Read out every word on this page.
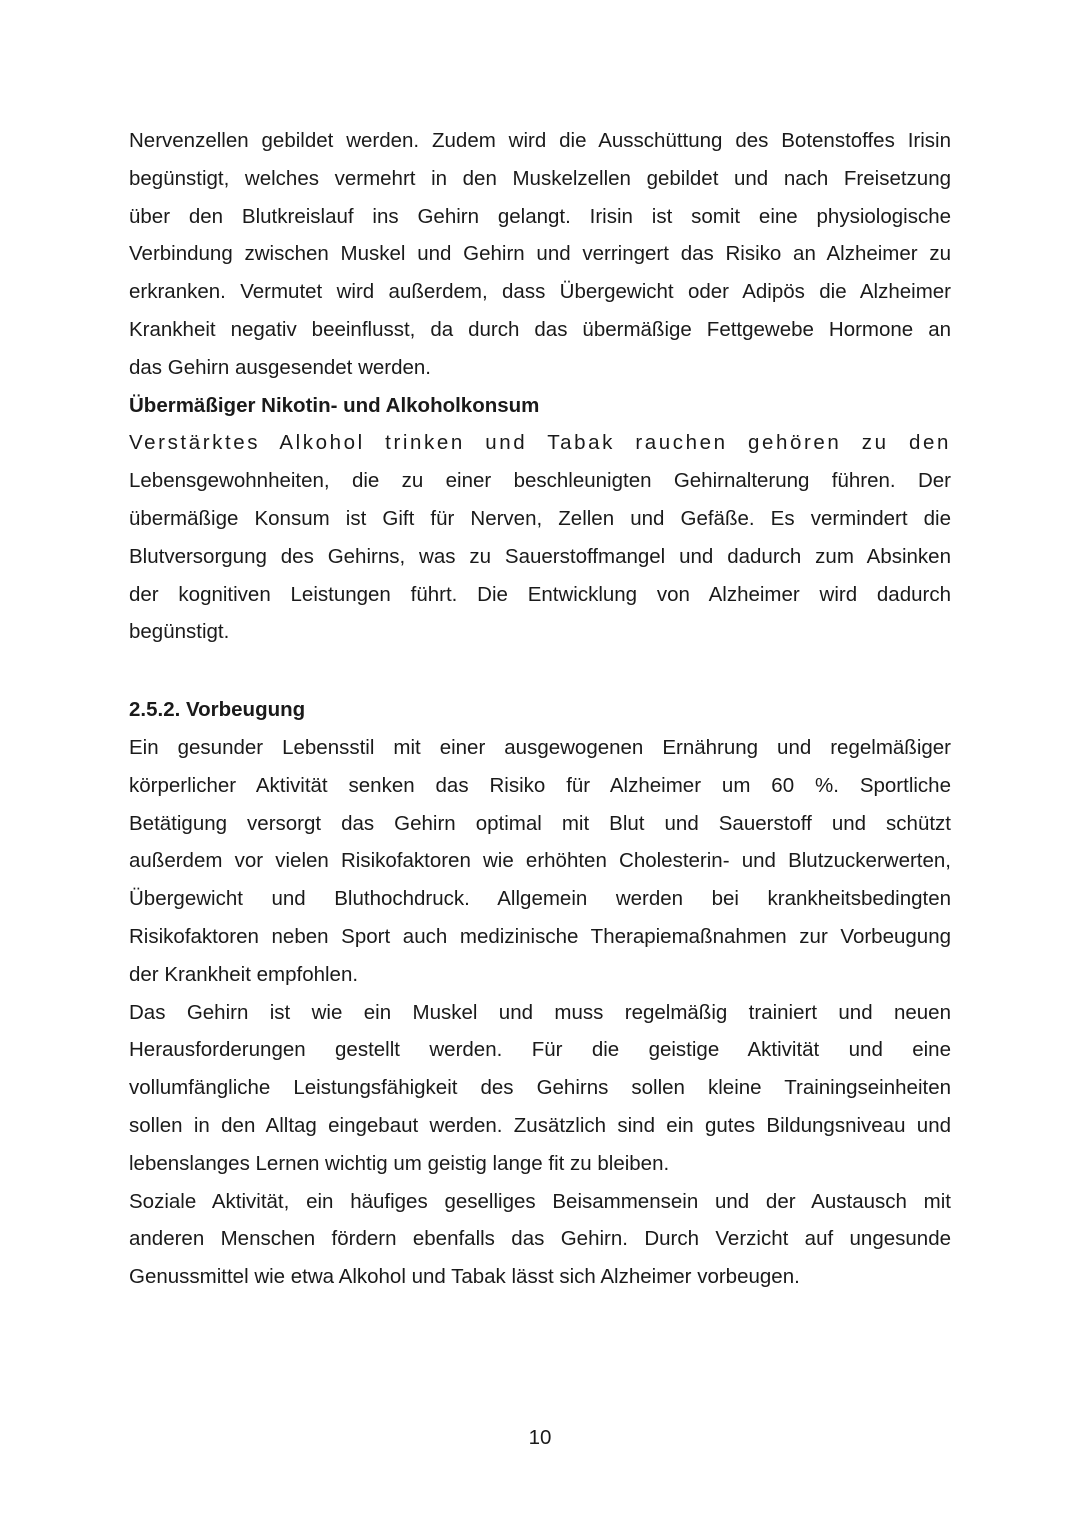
Nervenzellen gebildet werden. Zudem wird die Ausschüttung des Botenstoffes Irisin
begünstigt, welches vermehrt in den Muskelzellen gebildet und nach Freisetzung
über den Blutkreislauf ins Gehirn gelangt. Irisin ist somit eine physiologische
Verbindung zwischen Muskel und Gehirn und verringert das Risiko an Alzheimer zu
erkranken. Vermutet wird außerdem, dass Übergewicht oder Adipös die Alzheimer
Krankheit negativ beeinflusst, da durch das übermäßige Fettgewebe Hormone an
das Gehirn ausgesendet werden.
Übermäßiger Nikotin- und Alkoholkonsum
Verstärktes Alkohol trinken und Tabak rauchen gehören zu den
Lebensgewohnheiten, die zu einer beschleunigten Gehirnalterung führen. Der
übermäßige Konsum ist Gift für Nerven, Zellen und Gefäße. Es vermindert die
Blutversorgung des Gehirns, was zu Sauerstoffmangel und dadurch zum Absinken
der kognitiven Leistungen führt. Die Entwicklung von Alzheimer wird dadurch
begünstigt.
2.5.2. Vorbeugung
Ein gesunder Lebensstil mit einer ausgewogenen Ernährung und regelmäßiger
körperlicher Aktivität senken das Risiko für Alzheimer um 60 %. Sportliche
Betätigung versorgt das Gehirn optimal mit Blut und Sauerstoff und schützt
außerdem vor vielen Risikofaktoren wie erhöhten Cholesterin- und Blutzuckerwerten,
Übergewicht und Bluthochdruck. Allgemein werden bei krankheitsbedingten
Risikofaktoren neben Sport auch medizinische Therapiemaßnahmen zur Vorbeugung
der Krankheit empfohlen.
Das Gehirn ist wie ein Muskel und muss regelmäßig trainiert und neuen
Herausforderungen gestellt werden. Für die geistige Aktivität und eine
vollumfängliche Leistungsfähigkeit des Gehirns sollen kleine Trainingseinheiten
sollen in den Alltag eingebaut werden. Zusätzlich sind ein gutes Bildungsniveau und
lebenslanges Lernen wichtig um geistig lange fit zu bleiben.
Soziale Aktivität, ein häufiges geselliges Beisammensein und der Austausch mit
anderen Menschen fördern ebenfalls das Gehirn. Durch Verzicht auf ungesunde
Genussmittel wie etwa Alkohol und Tabak lässt sich Alzheimer vorbeugen.
10
